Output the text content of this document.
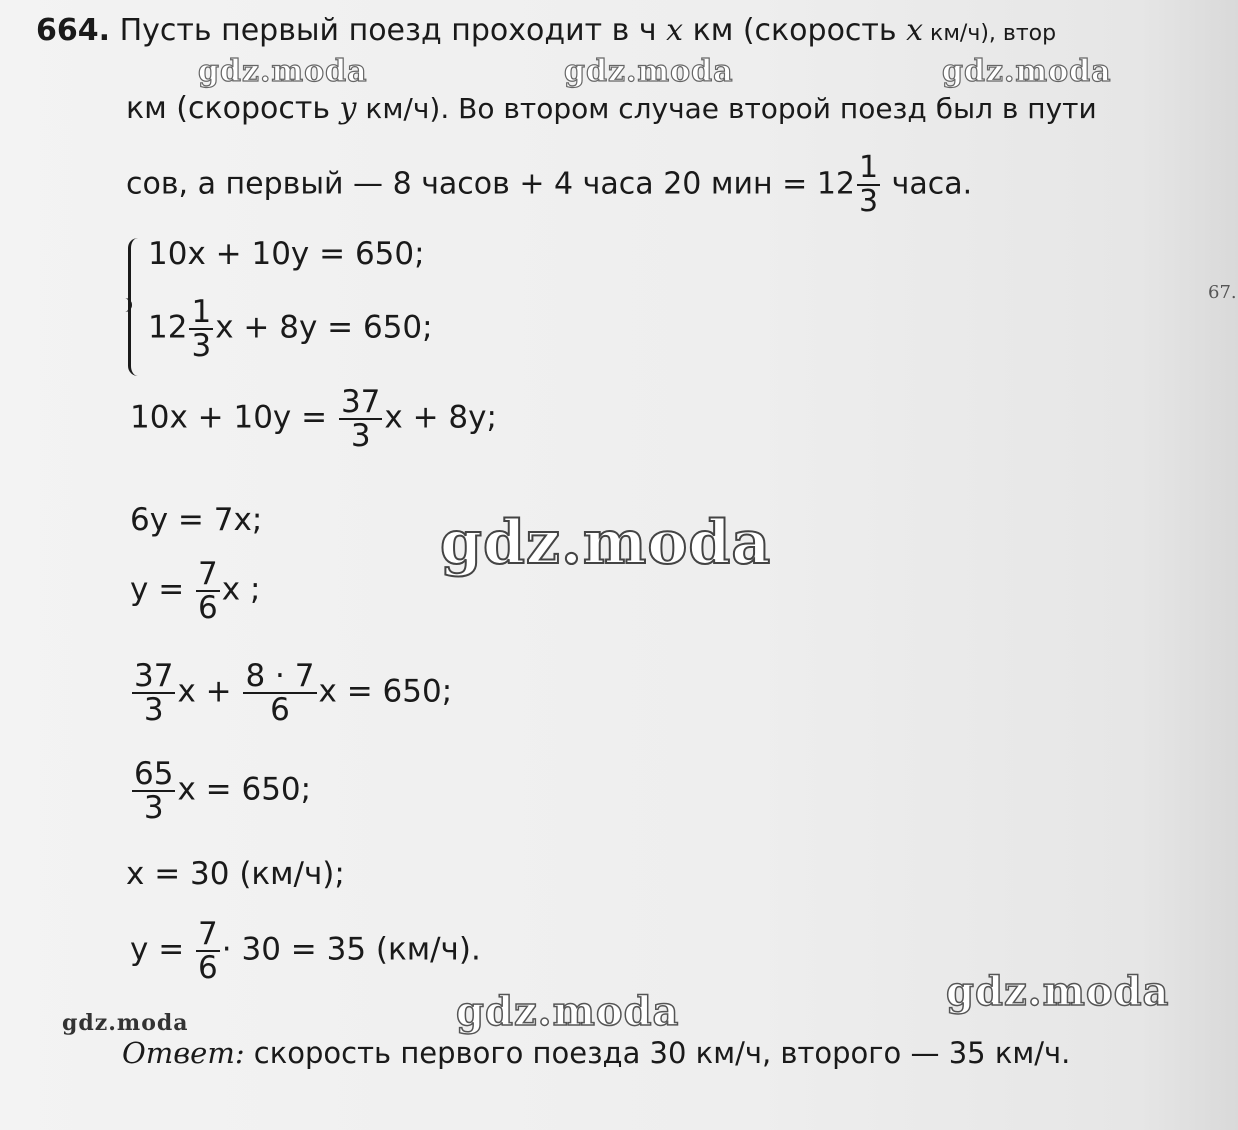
664. Пусть первый поезд проходит в ч x км (скорость x км/ч), втор
км (скорость y км/ч). Во втором случае второй поезд был в пути
сов, а первый — 8 часов + 4 часа 20 мин = $12 \frac{1}{3}$ часа.
10x + 10y = 650;
$12 \frac{1}{3}$ x + 8y = 650;
$10x + 10y = \frac{37}{3}$ x + 8y;
6y = 7x;
$y = \frac{7}{6}$ x ;
$\frac{37}{3}$ $x + \frac{8 \cdot 7}{6}$ x = 650;
$\frac{65}{3}$ x = 650;
x = 30 (км/ч);
$y = \frac{7}{6} \cdot 30 = 35$ (км/ч).
Ответ: скорость первого поезда 30 км/ч, второго — 35 км/ч.
gdz.moda	gdz.moda	gdz.moda
gdz.moda
gdz.moda	gdz.moda
gdz.moda
67.
